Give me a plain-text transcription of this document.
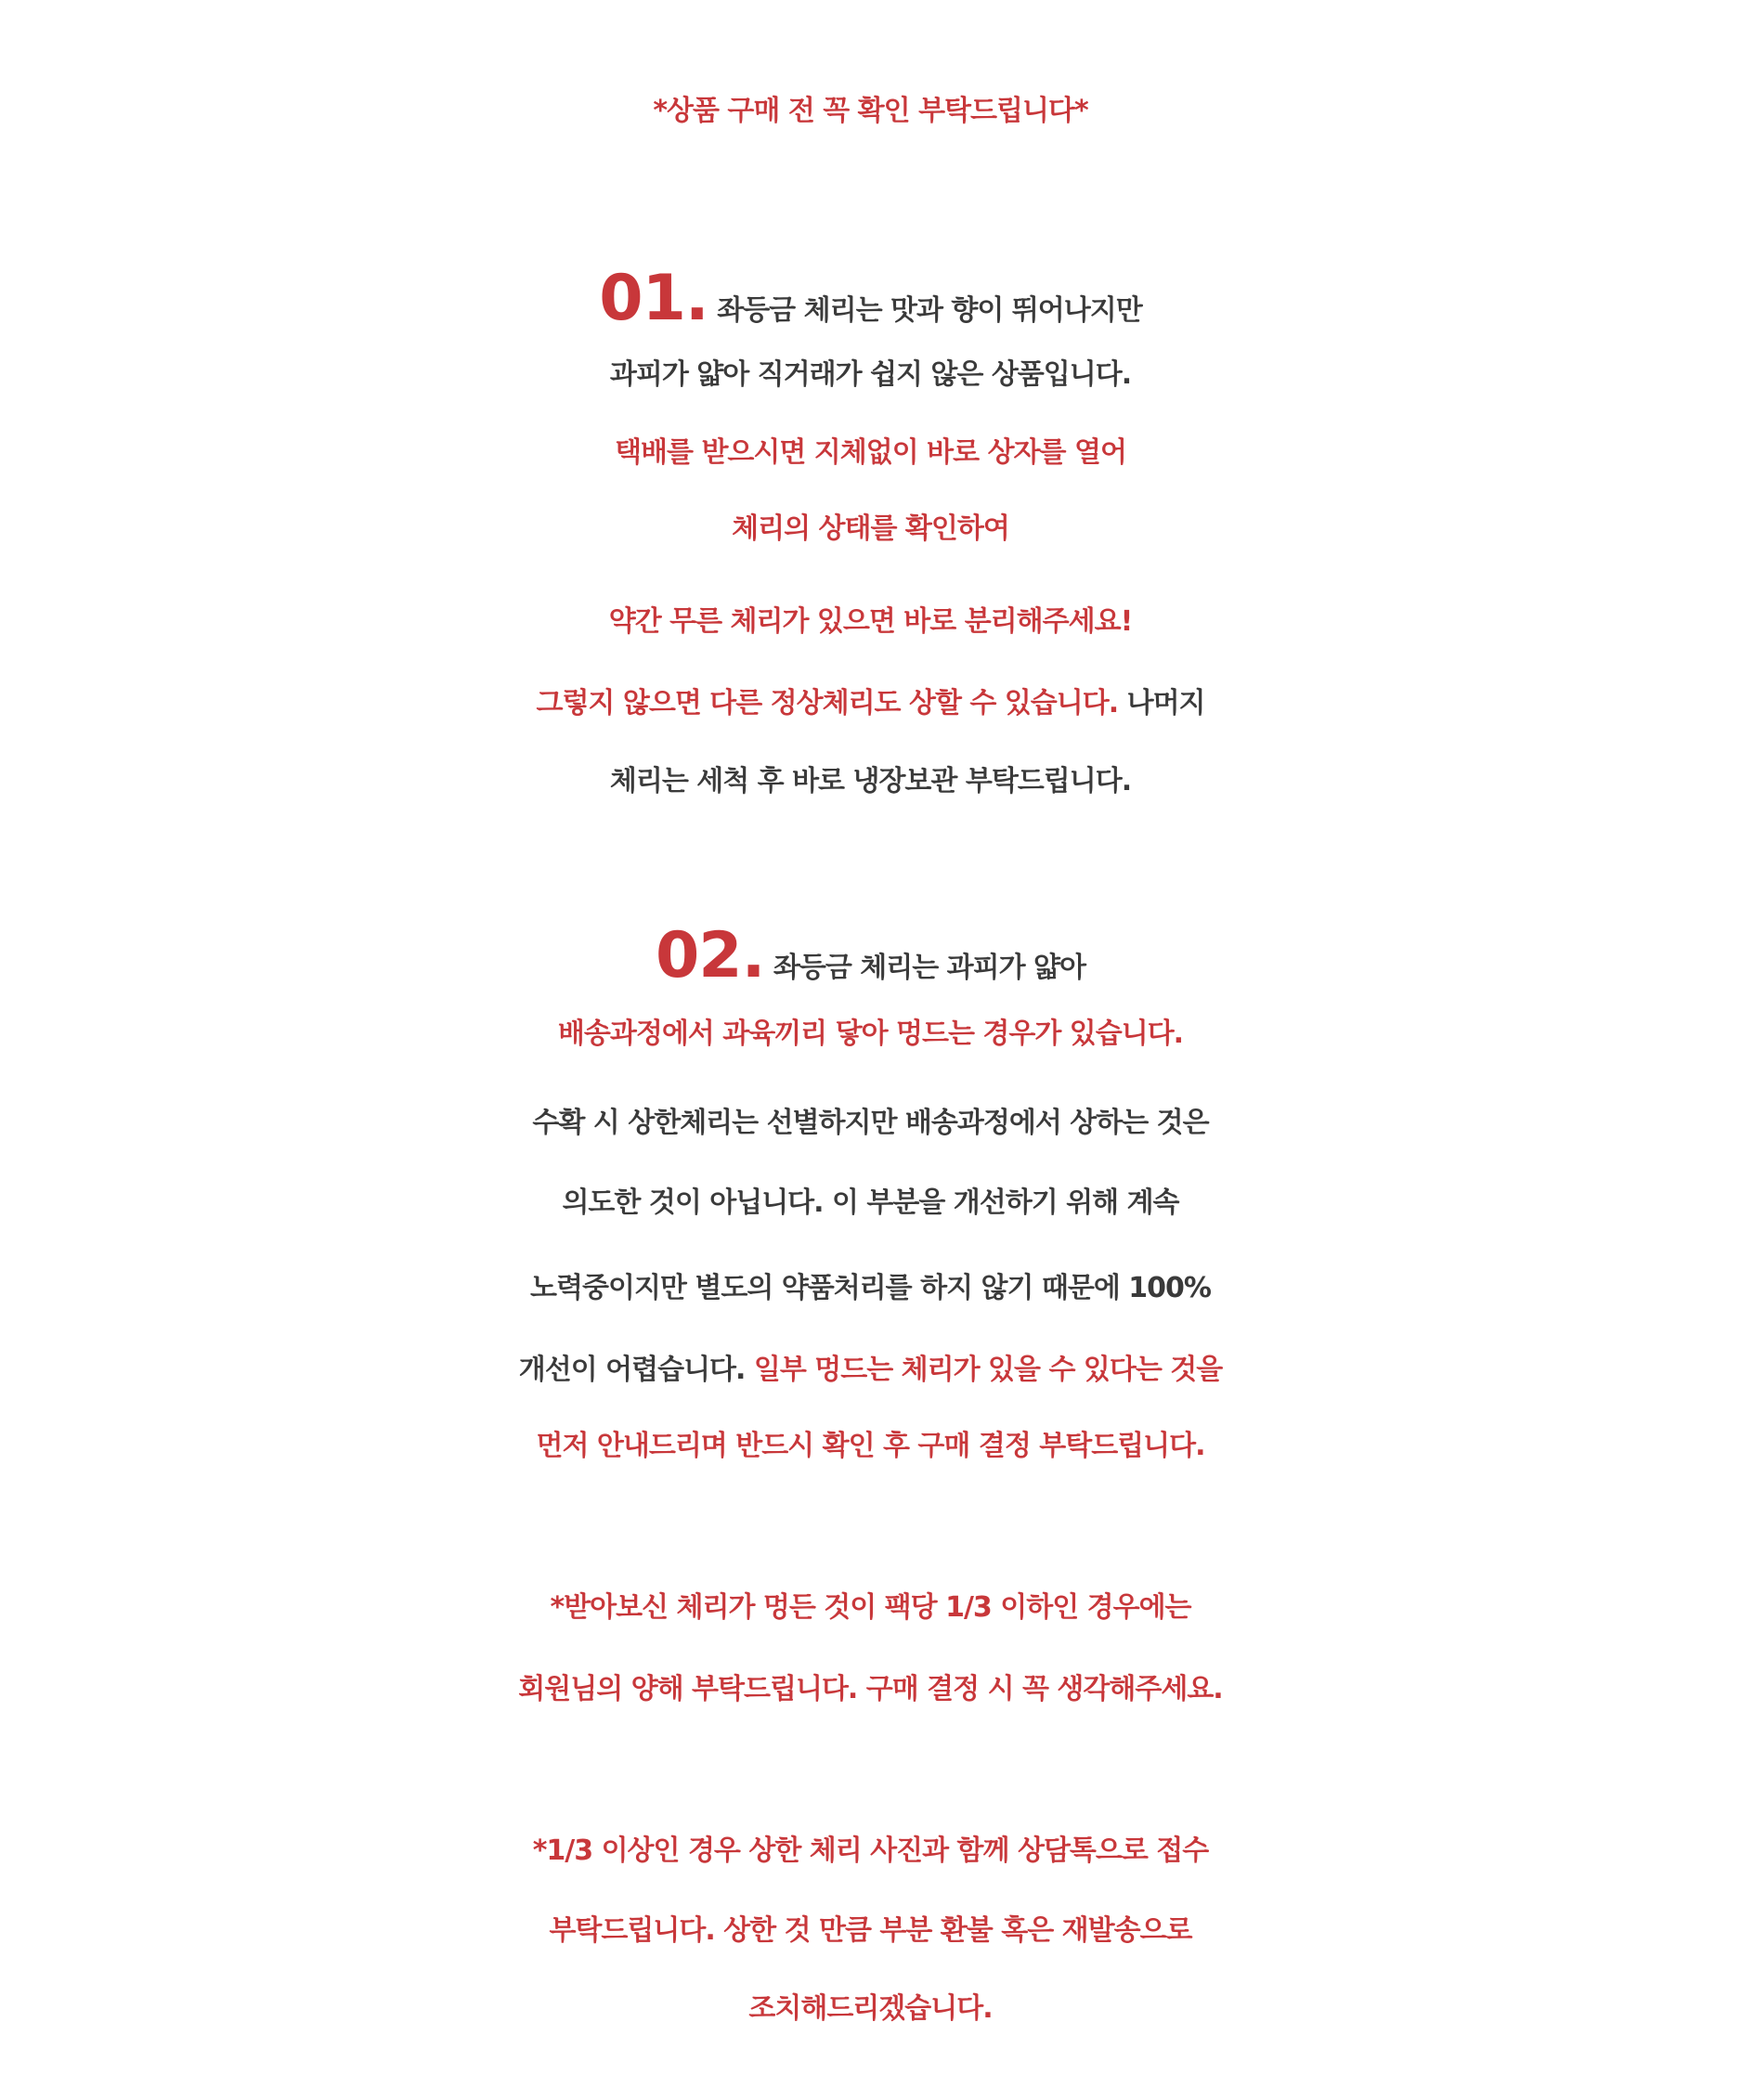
*상품 구매 전 꼭 확인 부탁드립니다*
01. 좌등금 체리는 맛과 향이 뛰어나지만
과피가 얇아 직거래가 쉽지 않은 상품입니다.
택배를 받으시면 지체없이 바로 상자를 열어
체리의 상태를 확인하여
약간 무른 체리가 있으면 바로 분리해주세요!
그렇지 않으면 다른 정상체리도 상할 수 있습니다. 나머지
체리는 세척 후 바로 냉장보관 부탁드립니다.
02. 좌등금 체리는 과피가 얇아
배송과정에서 과육끼리 닿아 멍드는 경우가 있습니다.
수확 시 상한체리는 선별하지만 배송과정에서 상하는 것은
의도한 것이 아닙니다. 이 부분을 개선하기 위해 계속
노력중이지만 별도의 약품처리를 하지 않기 때문에 100%
개선이 어렵습니다. 일부 멍드는 체리가 있을 수 있다는 것을
먼저 안내드리며 반드시 확인 후 구매 결정 부탁드립니다.
*받아보신 체리가 멍든 것이 팩당 1/3 이하인 경우에는
회원님의 양해 부탁드립니다. 구매 결정 시 꼭 생각해주세요.
*1/3 이상인 경우 상한 체리 사진과 함께 상담톡으로 접수
부탁드립니다. 상한 것 만큼 부분 환불 혹은 재발송으로
조치해드리겠습니다.
